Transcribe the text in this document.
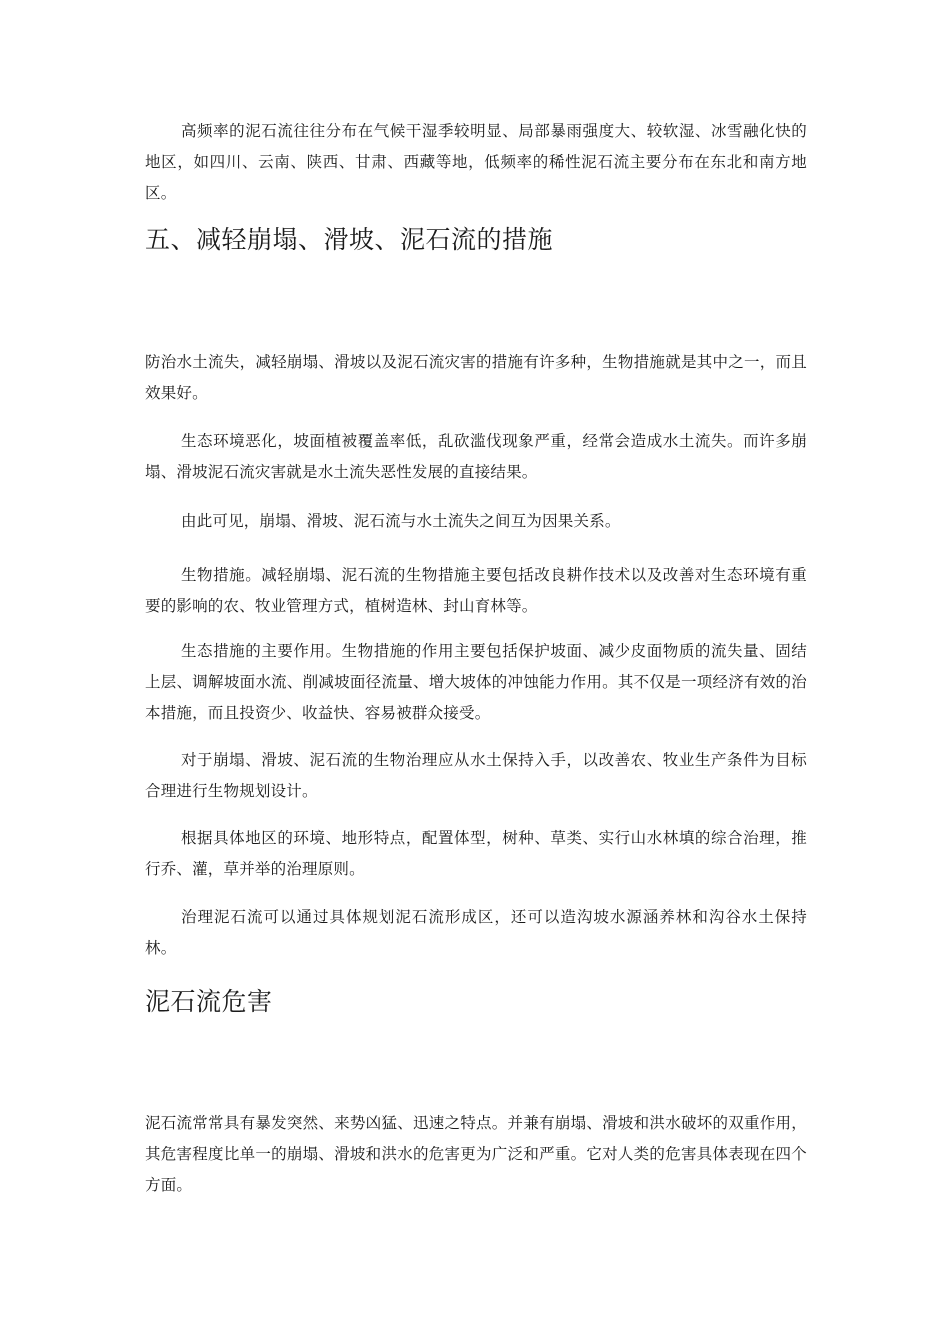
高频率的泥石流往往分布在气候干湿季较明显、局部暴雨强度大、较软湿、冰雪融化快的地区，如四川、云南、陕西、甘肃、西藏等地，低频率的稀性泥石流主要分布在东北和南方地区。

五、减轻崩塌、滑坡、泥石流的措施

防治水土流失，减轻崩塌、滑坡以及泥石流灾害的措施有许多种，生物措施就是其中之一，而且效果好。

生态环境恶化，坡面植被覆盖率低，乱砍滥伐现象严重，经常会造成水土流失。而许多崩塌、滑坡泥石流灾害就是水土流失恶性发展的直接结果。

由此可见，崩塌、滑坡、泥石流与水土流失之间互为因果关系。

生物措施。减轻崩塌、泥石流的生物措施主要包括改良耕作技术以及改善对生态环境有重要的影响的农、牧业管理方式，植树造林、封山育林等。

生态措施的主要作用。生物措施的作用主要包括保护坡面、减少皮面物质的流失量、固结上层、调解坡面水流、削减坡面径流量、增大坡体的冲蚀能力作用。其不仅是一项经济有效的治本措施，而且投资少、收益快、容易被群众接受。

对于崩塌、滑坡、泥石流的生物治理应从水土保持入手，以改善农、牧业生产条件为目标合理进行生物规划设计。

根据具体地区的环境、地形特点，配置体型，树种、草类、实行山水林填的综合治理，推行乔、灌，草并举的治理原则。

治理泥石流可以通过具体规划泥石流形成区，还可以造沟坡水源涵养林和沟谷水土保持林。

泥石流危害

泥石流常常具有暴发突然、来势凶猛、迅速之特点。并兼有崩塌、滑坡和洪水破坏的双重作用，其危害程度比单一的崩塌、滑坡和洪水的危害更为广泛和严重。它对人类的危害具体表现在四个方面。
